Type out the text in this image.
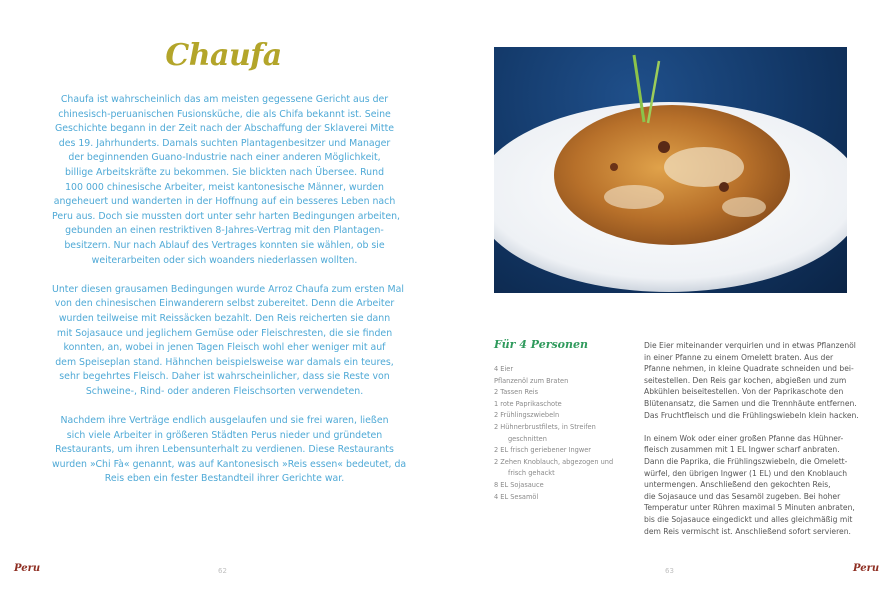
Chaufa
Chaufa ist wahrscheinlich das am meisten gegessene Gericht aus der
chinesisch-peruanischen Fusionsküche, die als Chifa bekannt ist. Seine
Geschichte begann in der Zeit nach der Abschaffung der Sklaverei Mitte
des 19. Jahrhunderts. Damals suchten Plantagenbesitzer und Manager
der beginnenden Guano-Industrie nach einer anderen Möglichkeit,
billige Arbeitskräfte zu bekommen. Sie blickten nach Übersee. Rund
100 000 chinesische Arbeiter, meist kantonesische Männer, wurden
angeheuert und wanderten in der Hoffnung auf ein besseres Leben nach
Peru aus. Doch sie mussten dort unter sehr harten Bedingungen arbeiten,
gebunden an einen restriktiven 8-Jahres-Vertrag mit den Plantagen-
besitzern. Nur nach Ablauf des Vertrages konnten sie wählen, ob sie
weiterarbeiten oder sich woanders niederlassen wollten.
Unter diesen grausamen Bedingungen wurde Arroz Chaufa zum ersten Mal
von den chinesischen Einwanderern selbst zubereitet. Denn die Arbeiter
wurden teilweise mit Reissäcken bezahlt. Den Reis reicherten sie dann
mit Sojasauce und jeglichem Gemüse oder Fleischresten, die sie finden
konnten, an, wobei in jenen Tagen Fleisch wohl eher weniger mit auf
dem Speiseplan stand. Hähnchen beispielsweise war damals ein teures,
sehr begehrtes Fleisch. Daher ist wahrscheinlicher, dass sie Reste von
Schweine-, Rind- oder anderen Fleischsorten verwendeten.
Nachdem ihre Verträge endlich ausgelaufen und sie frei waren, ließen
sich viele Arbeiter in größeren Städten Perus nieder und gründeten
Restaurants, um ihren Lebensunterhalt zu verdienen. Diese Restaurants
wurden »Chi Fà« genannt, was auf Kantonesisch »Reis essen« bedeutet, da
Reis eben ein fester Bestandteil ihrer Gerichte war.
Peru	62
Für 4 Personen
4 Eier
Pflanzenöl zum Braten
2 Tassen Reis
1 rote Paprikaschote
2 Frühlingszwiebeln
2 Hühnerbrustfilets, in Streifen
geschnitten
2 EL frisch geriebener Ingwer
2 Zehen Knoblauch, abgezogen und
frisch gehackt
8 EL Sojasauce
4 EL Sesamöl
Die Eier miteinander verquirlen und in etwas Pflanzenöl
in einer Pfanne zu einem Omelett braten. Aus der
Pfanne nehmen, in kleine Quadrate schneiden und bei-
seitestellen. Den Reis gar kochen, abgießen und zum
Abkühlen beiseitestellen. Von der Paprikaschote den
Blütenansatz, die Samen und die Trennhäute entfernen.
Das Fruchtfleisch und die Frühlingswiebeln klein hacken.
In einem Wok oder einer großen Pfanne das Hühner-
fleisch zusammen mit 1 EL Ingwer scharf anbraten.
Dann die Paprika, die Frühlingszwiebeln, die Omelett-
würfel, den übrigen Ingwer (1 EL) und den Knoblauch
untermengen. Anschließend den gekochten Reis,
die Sojasauce und das Sesamöl zugeben. Bei hoher
Temperatur unter Rühren maximal 5 Minuten anbraten,
bis die Sojasauce eingedickt und alles gleichmäßig mit
dem Reis vermischt ist. Anschließend sofort servieren.
63	Peru
